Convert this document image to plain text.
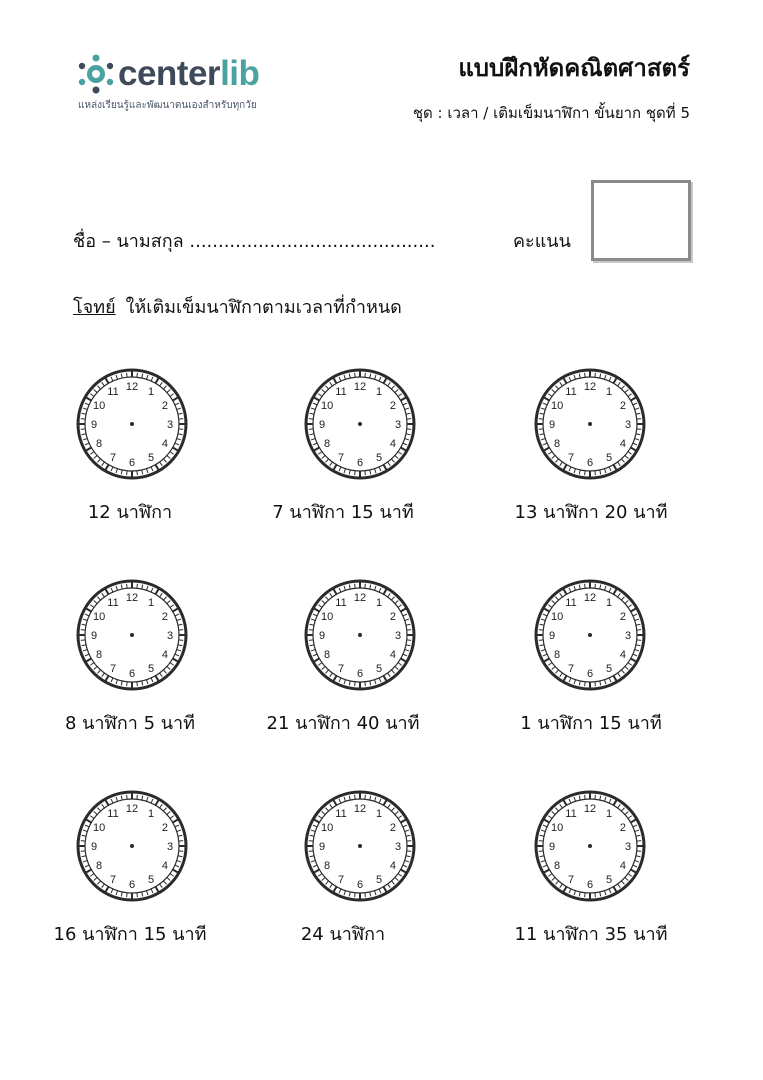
centerlib
แหล่งเรียนรู้และพัฒนาตนเองสำหรับทุกวัย
แบบฝึกหัดคณิตศาสตร์
ชุด : เวลา / เติมเข็มนาฬิกา ขั้นยาก ชุดที่ 5
ชื่อ – นามสกุล ...........................................	คะแนน
โจทย์ ให้เติมเข็มนาฬิกาตามเวลาที่กำหนด
12 1
2
3
4
5
6
7
8
9
10
11
12 นาฬิกา
12 1
2
3
4
5
6
7
8
9
10
11
7 นาฬิกา 15 นาที
12 1
2
3
4
5
6
7
8
9
10
11
13 นาฬิกา 20 นาที
12 1
2
3
4
5
6
7
8
9
10
11
8 นาฬิกา 5 นาที
12 1
2
3
4
5
6
7
8
9
10
11
21 นาฬิกา 40 นาที
12 1
2
3
4
5
6
7
8
9
10
11
1 นาฬิกา 15 นาที
12 1
2
3
4
5
6
7
8
9
10
11
16 นาฬิกา 15 นาที
12 1
2
3
4
5
6
7
8
9
10
11
24 นาฬิกา
12 1
2
3
4
5
6
7
8
9
10
11
11 นาฬิกา 35 นาที
